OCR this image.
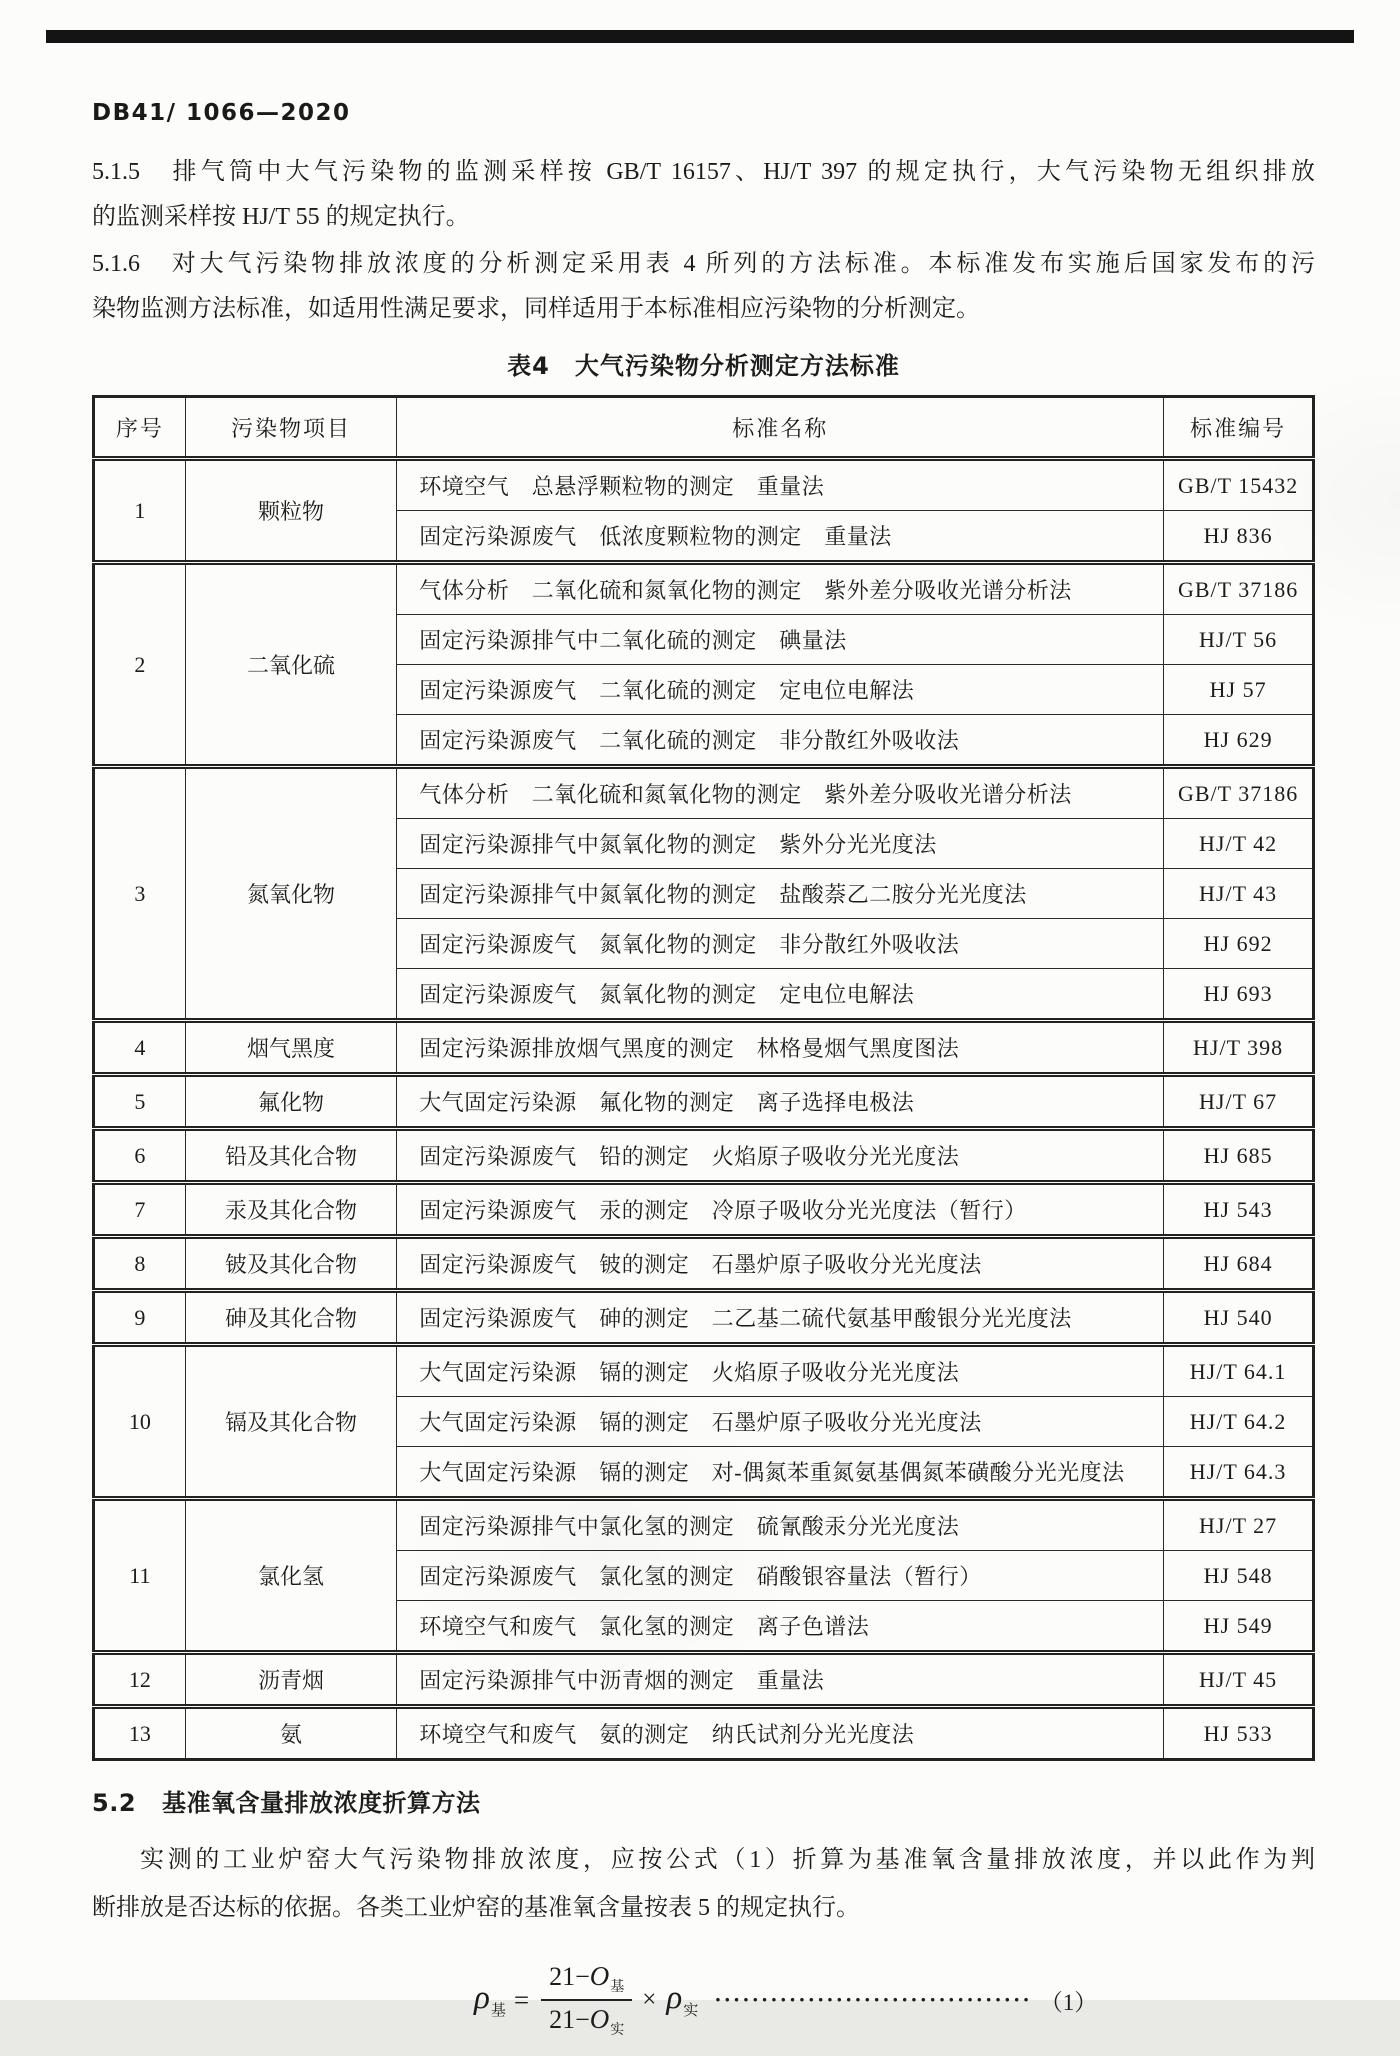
DB41/ 1066—2020
5.1.5　排气筒中大气污染物的监测采样按 GB/T 16157、HJ/T 397 的规定执行，大气污染物无组织排放
的监测采样按 HJ/T 55 的规定执行。
5.1.6　对大气污染物排放浓度的分析测定采用表 4 所列的方法标准。本标准发布实施后国家发布的污
染物监测方法标准，如适用性满足要求，同样适用于本标准相应污染物的分析测定。
表4　大气污染物分析测定方法标准
序号	污染物项目	标准名称	标准编号
1	颗粒物	环境空气　总悬浮颗粒物的测定　重量法	GB/T 15432
		固定污染源废气　低浓度颗粒物的测定　重量法	HJ 836
2	二氧化硫	气体分析　二氧化硫和氮氧化物的测定　紫外差分吸收光谱分析法	GB/T 37186
		固定污染源排气中二氧化硫的测定　碘量法	HJ/T 56
		固定污染源废气　二氧化硫的测定　定电位电解法	HJ 57
		固定污染源废气　二氧化硫的测定　非分散红外吸收法	HJ 629
3	氮氧化物	气体分析　二氧化硫和氮氧化物的测定　紫外差分吸收光谱分析法	GB/T 37186
		固定污染源排气中氮氧化物的测定　紫外分光光度法	HJ/T 42
		固定污染源排气中氮氧化物的测定　盐酸萘乙二胺分光光度法	HJ/T 43
		固定污染源废气　氮氧化物的测定　非分散红外吸收法	HJ 692
		固定污染源废气　氮氧化物的测定　定电位电解法	HJ 693
4	烟气黑度	固定污染源排放烟气黑度的测定　林格曼烟气黑度图法	HJ/T 398
5	氟化物	大气固定污染源　氟化物的测定　离子选择电极法	HJ/T 67
6	铅及其化合物	固定污染源废气　铅的测定　火焰原子吸收分光光度法	HJ 685
7	汞及其化合物	固定污染源废气　汞的测定　冷原子吸收分光光度法（暂行）	HJ 543
8	铍及其化合物	固定污染源废气　铍的测定　石墨炉原子吸收分光光度法	HJ 684
9	砷及其化合物	固定污染源废气　砷的测定　二乙基二硫代氨基甲酸银分光光度法	HJ 540
10	镉及其化合物	大气固定污染源　镉的测定　火焰原子吸收分光光度法	HJ/T 64.1
		大气固定污染源　镉的测定　石墨炉原子吸收分光光度法	HJ/T 64.2
		大气固定污染源　镉的测定　对-偶氮苯重氮氨基偶氮苯磺酸分光光度法	HJ/T 64.3
11	氯化氢	固定污染源排气中氯化氢的测定　硫氰酸汞分光光度法	HJ/T 27
		固定污染源废气　氯化氢的测定　硝酸银容量法（暂行）	HJ 548
		环境空气和废气　氯化氢的测定　离子色谱法	HJ 549
12	沥青烟	固定污染源排气中沥青烟的测定　重量法	HJ/T 45
13	氨	环境空气和废气　氨的测定　纳氏试剂分光光度法	HJ 533
5.2 基准氧含量排放浓度折算方法
实测的工业炉窑大气污染物排放浓度，应按公式（1）折算为基准氧含量排放浓度，并以此作为判
断排放是否达标的依据。各类工业炉窑的基准氧含量按表 5 的规定执行。
$\rho_基 = \frac{21-O_基}{21-O_实} \times \rho_实$ ·································· （1）
